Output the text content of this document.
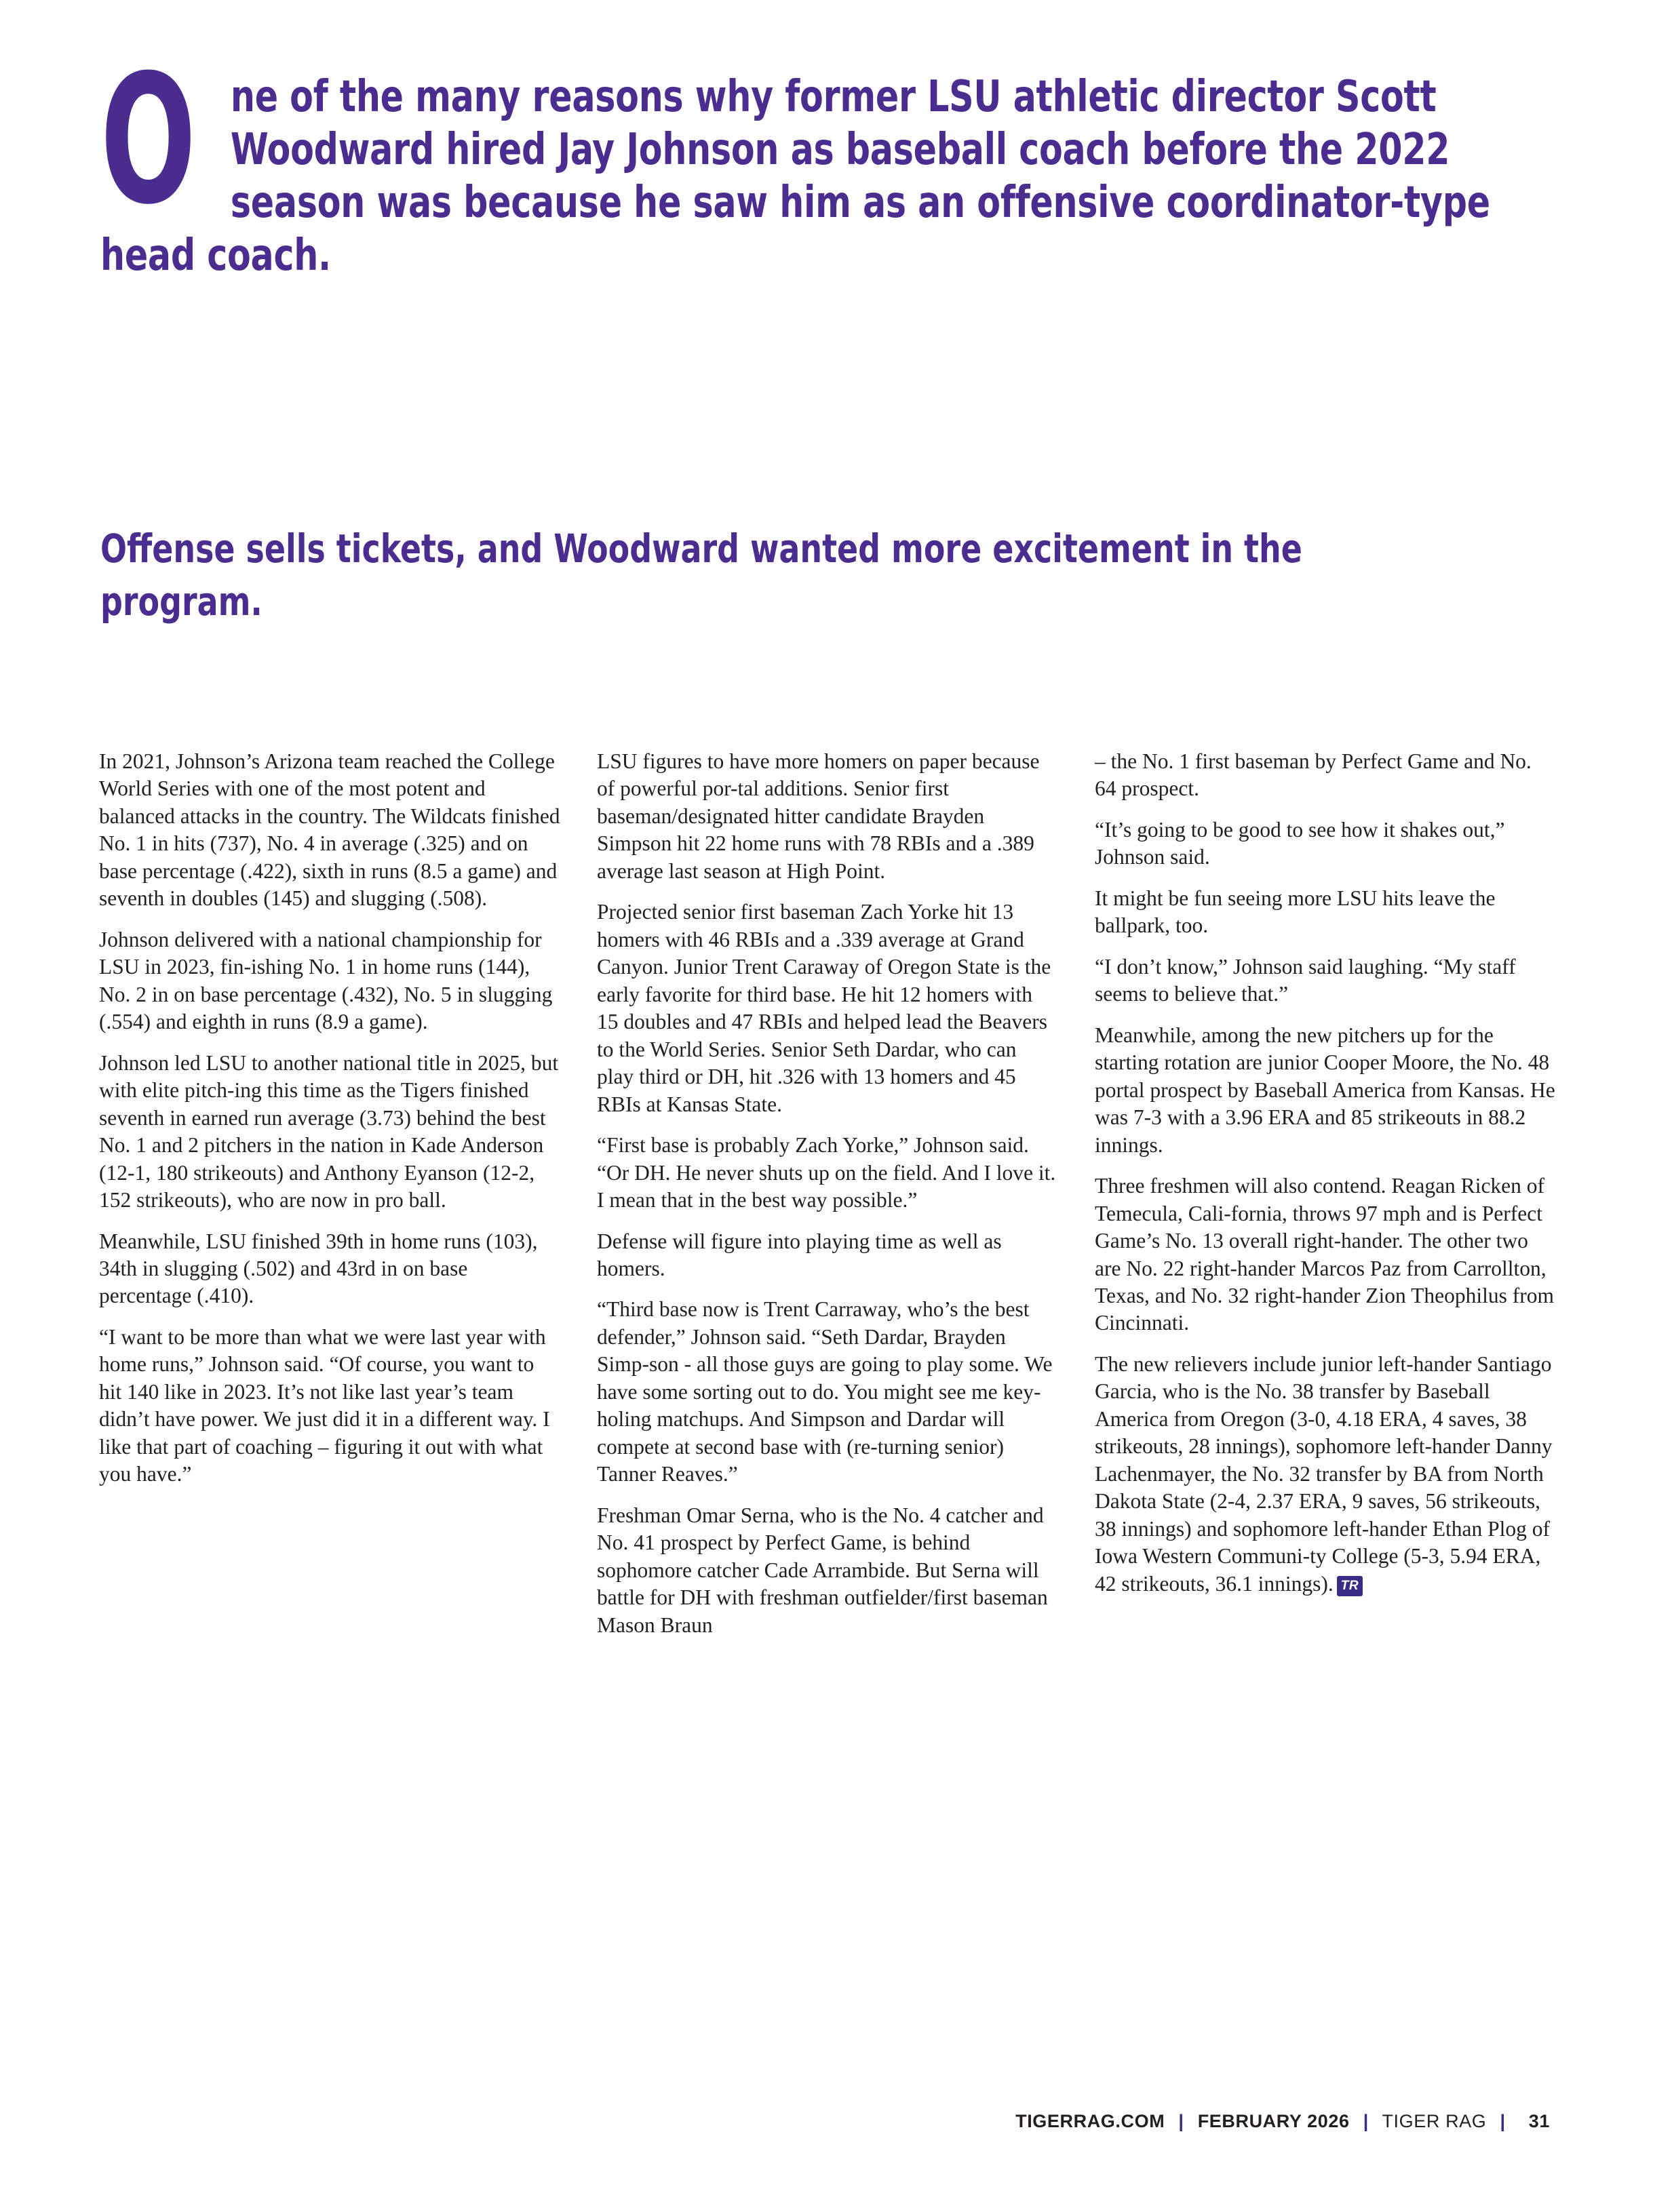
One of the many reasons why former LSU athletic director Scott Woodward hired Jay Johnson as baseball coach before the 2022 season was because he saw him as an offensive coordinator-type head coach.

Offense sells tickets, and Woodward wanted more excitement in the program.

In 2021, Johnson’s Arizona team reached the College World Series with one of the most potent and balanced attacks in the country. The Wildcats finished No. 1 in hits (737), No. 4 in average (.325) and on base percentage (.422), sixth in runs (8.5 a game) and seventh in doubles (145) and slugging (.508).

Johnson delivered with a national championship for LSU in 2023, fin-ishing No. 1 in home runs (144), No. 2 in on base percentage (.432), No. 5 in slugging (.554) and eighth in runs (8.9 a game).

Johnson led LSU to another national title in 2025, but with elite pitch-ing this time as the Tigers finished seventh in earned run average (3.73) behind the best No. 1 and 2 pitchers in the nation in Kade Anderson (12-1, 180 strikeouts) and Anthony Eyanson (12-2, 152 strikeouts), who are now in pro ball.

Meanwhile, LSU finished 39th in home runs (103), 34th in slugging (.502) and 43rd in on base percentage (.410).

“I want to be more than what we were last year with home runs,” Johnson said. “Of course, you want to hit 140 like in 2023. It’s not like last year’s team didn’t have power. We just did it in a different way. I like that part of coaching – figuring it out with what you have.”

LSU figures to have more homers on paper because of powerful por-tal additions. Senior first baseman/designated hitter candidate Brayden Simpson hit 22 home runs with 78 RBIs and a .389 average last season at High Point.

Projected senior first baseman Zach Yorke hit 13 homers with 46 RBIs and a .339 average at Grand Canyon. Junior Trent Caraway of Oregon State is the early favorite for third base. He hit 12 homers with 15 doubles and 47 RBIs and helped lead the Beavers to the World Series. Senior Seth Dardar, who can play third or DH, hit .326 with 13 homers and 45 RBIs at Kansas State.

“First base is probably Zach Yorke,” Johnson said. “Or DH. He never shuts up on the field. And I love it. I mean that in the best way possible.”

Defense will figure into playing time as well as homers.

“Third base now is Trent Carraway, who’s the best defender,” Johnson said. “Seth Dardar, Brayden Simp-son - all those guys are going to play some. We have some sorting out to do. You might see me key-holing matchups. And Simpson and Dardar will compete at second base with (re-turning senior) Tanner Reaves.”

Freshman Omar Serna, who is the No. 4 catcher and No. 41 prospect by Perfect Game, is behind sophomore catcher Cade Arrambide. But Serna will battle for DH with freshman outfielder/first baseman Mason Braun

– the No. 1 first baseman by Perfect Game and No. 64 prospect.

“It’s going to be good to see how it shakes out,” Johnson said.

It might be fun seeing more LSU hits leave the ballpark, too.

“I don’t know,” Johnson said laughing. “My staff seems to believe that.”

Meanwhile, among the new pitchers up for the starting rotation are junior Cooper Moore, the No. 48 portal prospect by Baseball America from Kansas. He was 7-3 with a 3.96 ERA and 85 strikeouts in 88.2 innings.

Three freshmen will also contend. Reagan Ricken of Temecula, Cali-fornia, throws 97 mph and is Perfect Game’s No. 13 overall right-hander. The other two are No. 22 right-hander Marcos Paz from Carrollton, Texas, and No. 32 right-hander Zion Theophilus from Cincinnati.

The new relievers include junior left-hander Santiago Garcia, who is the No. 38 transfer by Baseball America from Oregon (3-0, 4.18 ERA, 4 saves, 38 strikeouts, 28 innings), sophomore left-hander Danny Lachenmayer, the No. 32 transfer by BA from North Dakota State (2-4, 2.37 ERA, 9 saves, 56 strikeouts, 38 innings) and sophomore left-hander Ethan Plog of Iowa Western Communi-ty College (5-3, 5.94 ERA, 42 strikeouts, 36.1 innings). TR

TIGERRAG.COM | FEBRUARY 2026 | TIGER RAG | 31
